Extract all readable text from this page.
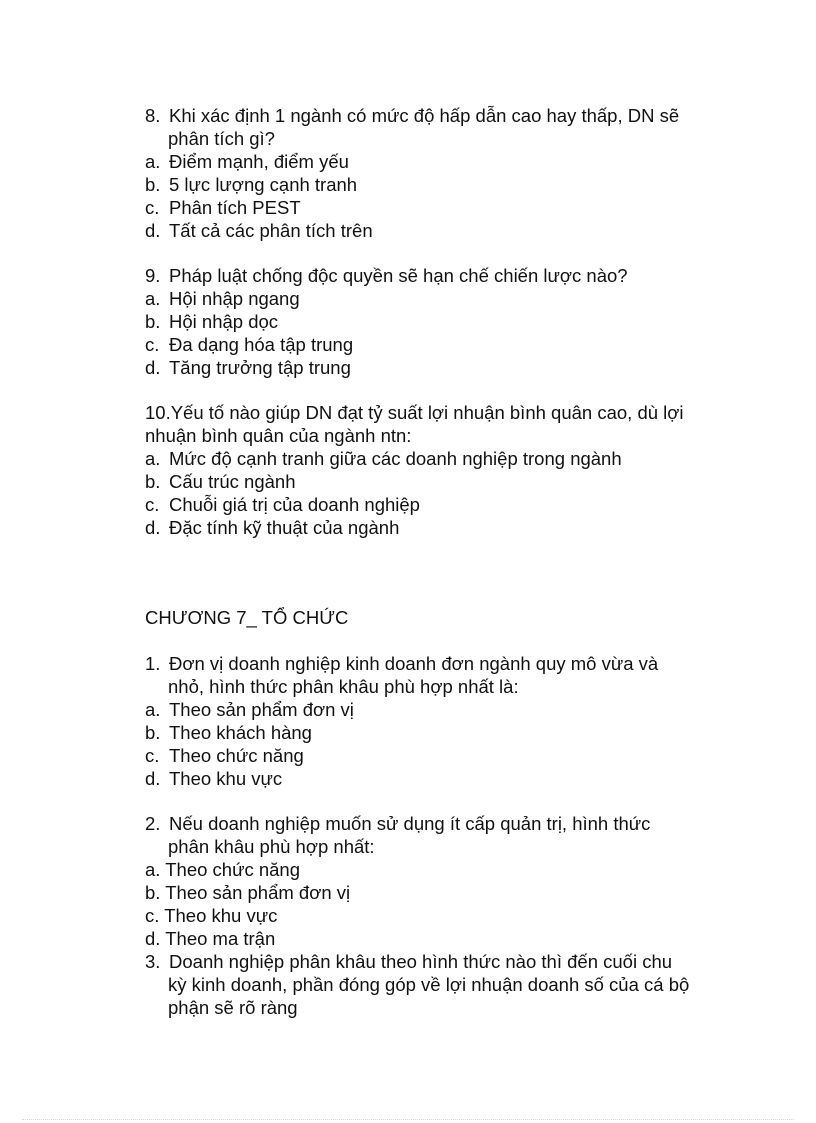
8. Khi xác định 1 ngành có mức độ hấp dẫn cao hay thấp, DN sẽ
phân tích gì?
a. Điểm mạnh, điểm yếu
b. 5 lực lượng cạnh tranh
c. Phân tích PEST
d. Tất cả các phân tích trên
9. Pháp luật chống độc quyền sẽ hạn chế chiến lược nào?
a. Hội nhập ngang
b. Hội nhập dọc
c. Đa dạng hóa tập trung
d. Tăng trưởng tập trung
10.Yếu tố nào giúp DN đạt tỷ suất lợi nhuận bình quân cao, dù lợi
nhuận bình quân của ngành ntn:
a. Mức độ cạnh tranh giữa các doanh nghiệp trong ngành
b. Cấu trúc ngành
c. Chuỗi giá trị của doanh nghiệp
d. Đặc tính kỹ thuật của ngành
CHƯƠNG 7_ TỔ CHỨC
1. Đơn vị doanh nghiệp kinh doanh đơn ngành quy mô vừa và
nhỏ, hình thức phân khâu phù hợp nhất là:
a. Theo sản phẩm đơn vị
b. Theo khách hàng
c. Theo chức năng
d. Theo khu vực
2. Nếu doanh nghiệp muốn sử dụng ít cấp quản trị, hình thức
phân khâu phù hợp nhất:
a. Theo chức năng
b. Theo sản phẩm đơn vị
c. Theo khu vực
d. Theo ma trận
3. Doanh nghiệp phân khâu theo hình thức nào thì đến cuối chu
kỳ kinh doanh, phần đóng góp về lợi nhuận doanh số của cá bộ
phận sẽ rõ ràng
